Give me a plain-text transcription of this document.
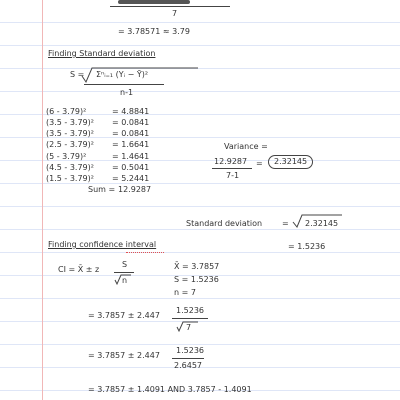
7
= 3.78571 ≈ 3.79
Finding Standard deviation
S = Σⁿᵢ₌₁ (Yᵢ − Ȳ)²
n-1
(6 - 3.79)²	= 4.8841
(3.5 - 3.79)² = 0.0841
(3.5 - 3.79)² = 0.0841
(2.5 - 3.79)² = 1.6641
(5 - 3.79)²	= 1.4641
(4.5 - 3.79)² = 0.5041
(1.5 - 3.79)² = 5.2441
Sum = 12.9287
Variance =
12.9287
7-1
=	2.32145
Standard deviation = 2.32145
= 1.5236
Finding confidence interval
CI = X̄ ± z
S
n
X̄ = 3.7857
S = 1.5236
n = 7
= 3.7857 ± 2.447
1.5236
7
= 3.7857 ± 2.447
1.5236
2.6457
= 3.7857 ± 1.4091 AND 3.7857 - 1.4091
